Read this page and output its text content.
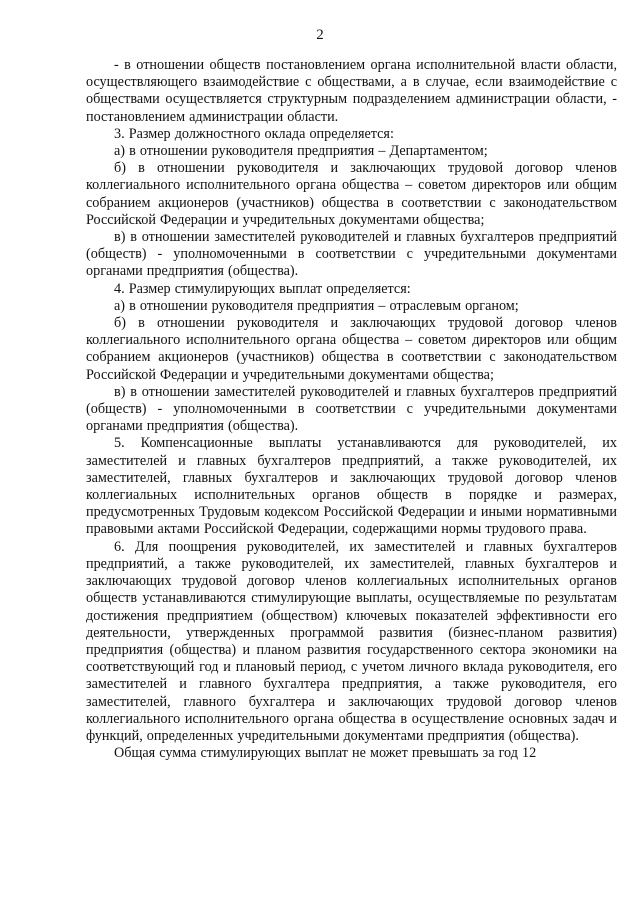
2

- в отношении обществ постановлением органа исполнительной власти области, осуществляющего взаимодействие с обществами, а в случае, если взаимодействие с обществами осуществляется структурным подразделением администрации области, - постановлением администрации области.

3. Размер должностного оклада определяется:

а) в отношении руководителя предприятия – Департаментом;

б) в отношении руководителя и заключающих трудовой договор членов коллегиального исполнительного органа общества – советом директоров или общим собранием акционеров (участников) общества в соответствии с законодательством Российской Федерации и учредительных документами общества;

в) в отношении заместителей руководителей и главных бухгалтеров предприятий (обществ) - уполномоченными в соответствии с учредительными документами органами предприятия (общества).

4. Размер стимулирующих выплат определяется:

а) в отношении руководителя предприятия – отраслевым органом;

б) в отношении руководителя и заключающих трудовой договор членов коллегиального исполнительного органа общества – советом директоров или общим собранием акционеров (участников) общества в соответствии с законодательством Российской Федерации и учредительными документами общества;

в) в отношении заместителей руководителей и главных бухгалтеров предприятий (обществ) - уполномоченными в соответствии с учредительными документами органами предприятия (общества).

5. Компенсационные выплаты устанавливаются для руководителей, их заместителей и главных бухгалтеров предприятий, а также руководителей, их заместителей, главных бухгалтеров и заключающих трудовой договор членов коллегиальных исполнительных органов обществ в порядке и размерах, предусмотренных Трудовым кодексом Российской Федерации и иными нормативными правовыми актами Российской Федерации, содержащими нормы трудового права.

6. Для поощрения руководителей, их заместителей и главных бухгалтеров предприятий, а также руководителей, их заместителей, главных бухгалтеров и заключающих трудовой договор членов коллегиальных исполнительных органов обществ устанавливаются стимулирующие выплаты, осуществляемые по результатам достижения предприятием (обществом) ключевых показателей эффективности его деятельности, утвержденных программой развития (бизнес-планом развития) предприятия (общества) и планом развития государственного сектора экономики на соответствующий год и плановый период, с учетом личного вклада руководителя, его заместителей и главного бухгалтера предприятия, а также руководителя, его заместителей, главного бухгалтера и заключающих трудовой договор членов коллегиального исполнительного органа общества в осуществление основных задач и функций, определенных учредительными документами предприятия (общества).

Общая сумма стимулирующих выплат не может превышать за год 12
